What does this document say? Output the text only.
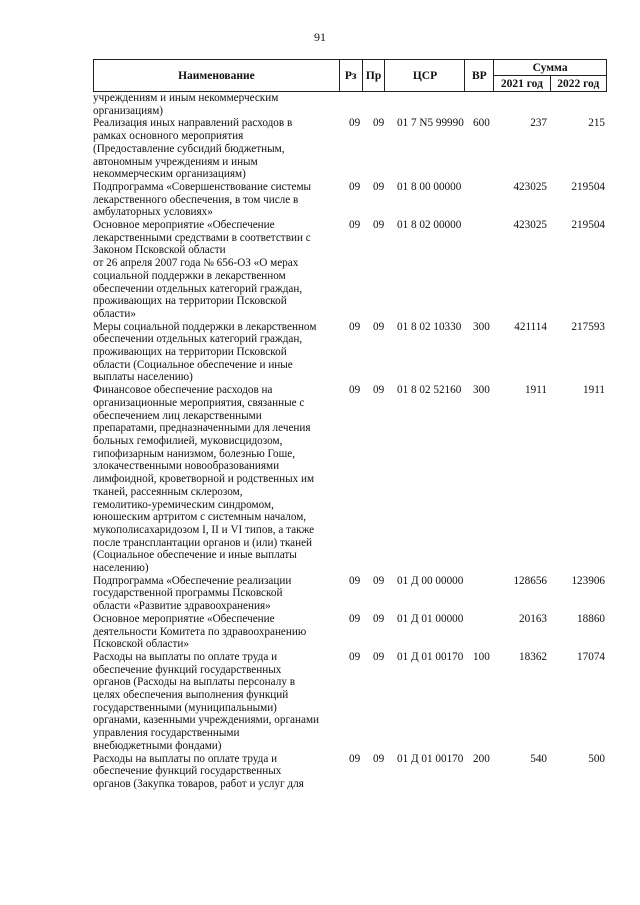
91
Наименование	Рз	Пр	ЦСР	ВР	Сумма	
					2021 год	2022 год
учреждениям и иным некоммерческим
организациям)
Реализация иных направлений расходов в
рамках основного мероприятия
(Предоставление субсидий бюджетным,
автономным учреждениям и иным
некоммерческим организациям)
09 09 01 7 N5 99990 600	237	215
Подпрограмма «Совершенствование системы
лекарственного обеспечения, в том числе в
амбулаторных условиях»
09 09 01 8 00 00000	423025	219504
Основное мероприятие «Обеспечение
лекарственными средствами в соответствии с
Законом Псковской области
от 26 апреля 2007 года № 656-ОЗ «О мерах
социальной поддержки в лекарственном
обеспечении отдельных категорий граждан,
проживающих на территории Псковской
области»
09 09 01 8 02 00000	423025	219504
Меры социальной поддержки в лекарственном
обеспечении отдельных категорий граждан,
проживающих на территории Псковской
области (Социальное обеспечение и иные
выплаты населению)
09 09 01 8 02 10330 300	421114	217593
Финансовое обеспечение расходов на
организационные мероприятия, связанные с
обеспечением лиц лекарственными
препаратами, предназначенными для лечения
больных гемофилией, муковисцидозом,
гипофизарным нанизмом, болезнью Гоше,
злокачественными новообразованиями
лимфоидной, кроветворной и родственных им
тканей, рассеянным склерозом,
гемолитико-уремическим синдромом,
юношеским артритом с системным началом,
мукополисахаридозом I, II и VI типов, а также
после трансплантации органов и (или) тканей
(Социальное обеспечение и иные выплаты
населению)
09 09 01 8 02 52160 300	1911	1911
Подпрограмма «Обеспечение реализации
государственной программы Псковской
области «Развитие здравоохранения»
09 09 01 Д 00 00000	128656	123906
Основное мероприятие «Обеспечение
деятельности Комитета по здравоохранению
Псковской области»
09 09 01 Д 01 00000	20163	18860
Расходы на выплаты по оплате труда и
обеспечение функций государственных
органов (Расходы на выплаты персоналу в
целях обеспечения выполнения функций
государственными (муниципальными)
органами, казенными учреждениями, органами
управления государственными
внебюджетными фондами)
09 09 01 Д 01 00170 100	18362	17074
Расходы на выплаты по оплате труда и
обеспечение функций государственных
органов (Закупка товаров, работ и услуг для
09 09 01 Д 01 00170 200	540	500
